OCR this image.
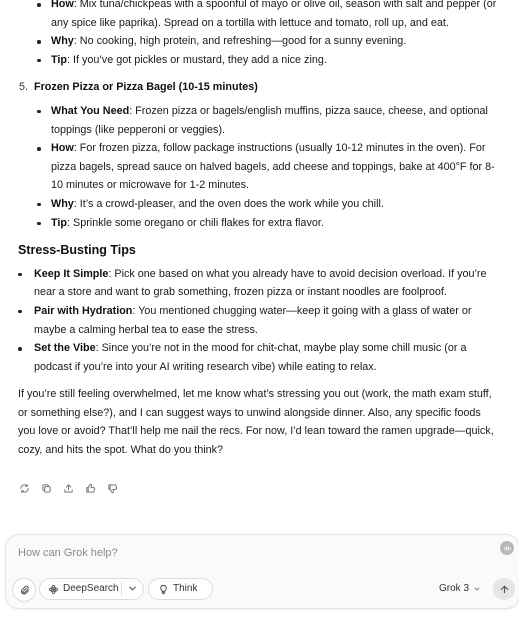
How: Mix tuna/chickpeas with a spoonful of mayo or olive oil, season with salt and pepper (or any spice like paprika). Spread on a tortilla with lettuce and tomato, roll up, and eat.
Why: No cooking, high protein, and refreshing—good for a sunny evening.
Tip: If you’ve got pickles or mustard, they add a nice zing.
5. Frozen Pizza or Pizza Bagel (10-15 minutes)
What You Need: Frozen pizza or bagels/english muffins, pizza sauce, cheese, and optional toppings (like pepperoni or veggies).
How: For frozen pizza, follow package instructions (usually 10-12 minutes in the oven). For pizza bagels, spread sauce on halved bagels, add cheese and toppings, bake at 400°F for 8-10 minutes or microwave for 1-2 minutes.
Why: It’s a crowd-pleaser, and the oven does the work while you chill.
Tip: Sprinkle some oregano or chili flakes for extra flavor.
Stress-Busting Tips
Keep It Simple: Pick one based on what you already have to avoid decision overload. If you’re near a store and want to grab something, frozen pizza or instant noodles are foolproof.
Pair with Hydration: You mentioned chugging water—keep it going with a glass of water or maybe a calming herbal tea to ease the stress.
Set the Vibe: Since you’re not in the mood for chit-chat, maybe play some chill music (or a podcast if you’re into your AI writing research vibe) while eating to relax.

If you’re still feeling overwhelmed, let me know what’s stressing you out (work, the math exam stuff, or something else?), and I can suggest ways to unwind alongside dinner. Also, any specific foods you love or avoid? That’ll help me nail the recs. For now, I’d lean toward the ramen upgrade—quick, cozy, and hits the spot. What do you think?

How can Grok help?
DeepSearch	Think	Grok 3
